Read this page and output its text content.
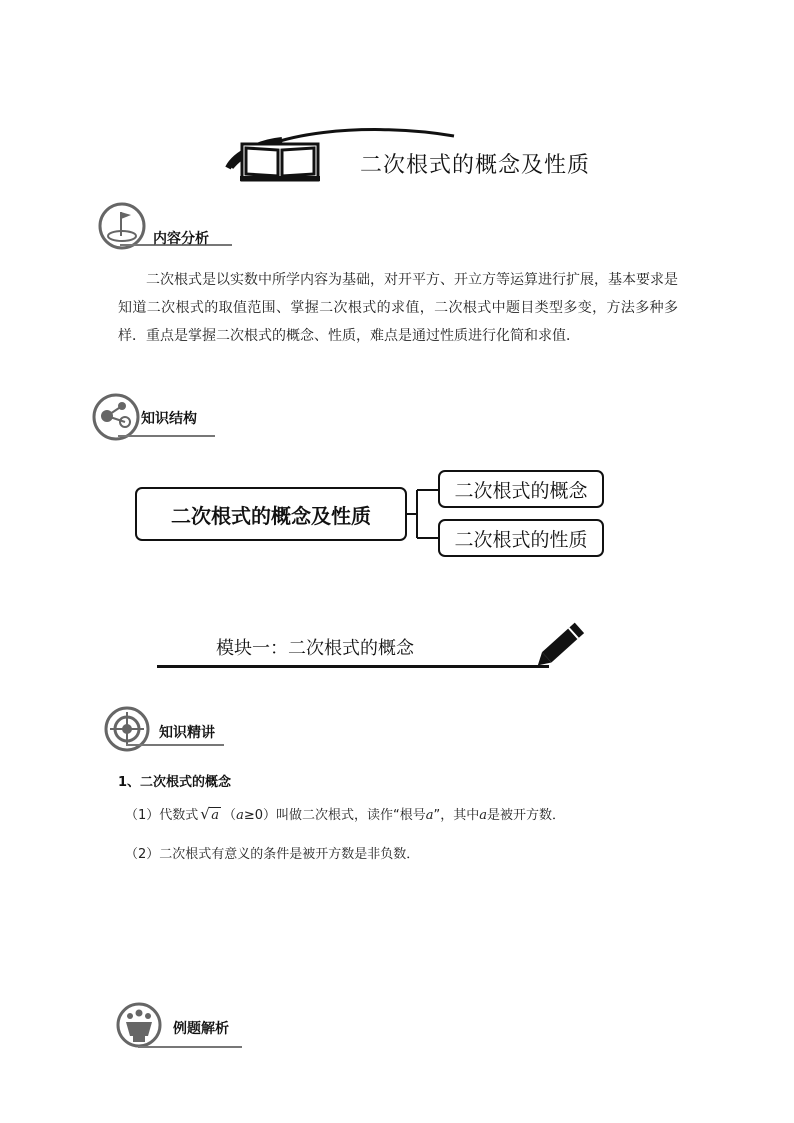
二次根式的概念及性质
内容分析
二次根式是以实数中所学内容为基础，对开平方、开立方等运算进行扩展，基本要求是知道二次根式的取值范围、掌握二次根式的求值，二次根式中题目类型多变，方法多种多样．重点是掌握二次根式的概念、性质，难点是通过性质进行化简和求值．
知识结构
二次根式的概念及性质
二次根式的概念
二次根式的性质
模块一：二次根式的概念
知识精讲
1、二次根式的概念
（1）代数式 √ a （a≥0）叫做二次根式，读作“根号a”，其中a是被开方数．
（2）二次根式有意义的条件是被开方数是非负数．
例题解析
